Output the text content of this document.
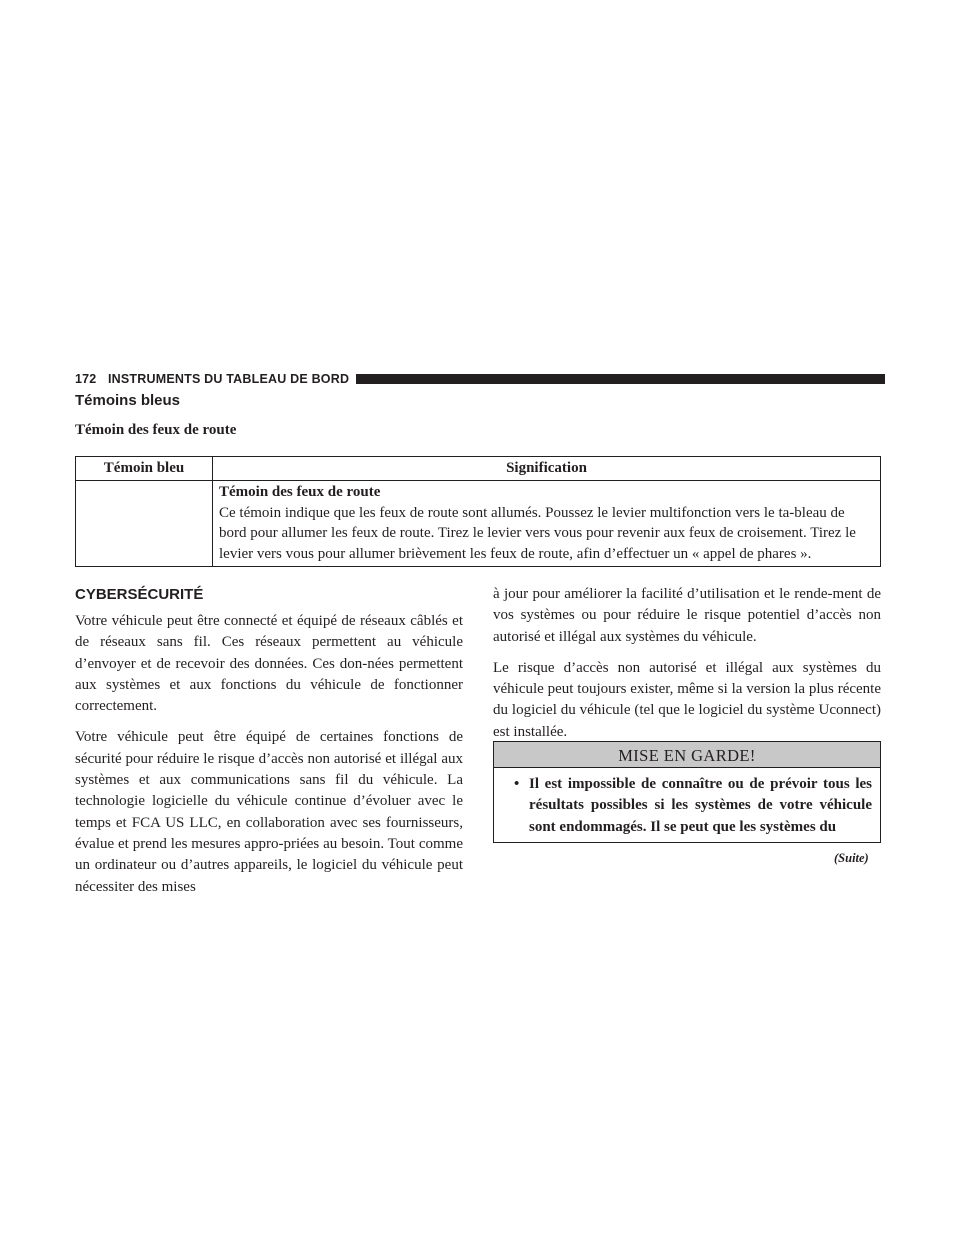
172 INSTRUMENTS DU TABLEAU DE BORD
Témoins bleus
Témoin des feux de route
Témoin bleu	Signification

	Témoin des feux de route
Ce témoin indique que les feux de route sont allumés. Poussez le levier multifonction vers le ta-bleau de bord pour allumer les feux de route. Tirez le levier vers vous pour revenir aux feux de croisement. Tirez le levier vers vous pour allumer brièvement les feux de route, afin d’effectuer un « appel de phares ».
CYBERSÉCURITÉ

Votre véhicule peut être connecté et équipé de réseaux câblés et de réseaux sans fil. Ces réseaux permettent au véhicule d’envoyer et de recevoir des données. Ces don-nées permettent aux systèmes et aux fonctions du véhicule de fonctionner correctement.

Votre véhicule peut être équipé de certaines fonctions de sécurité pour réduire le risque d’accès non autorisé et illégal aux systèmes et aux communications sans fil du véhicule. La technologie logicielle du véhicule continue d’évoluer avec le temps et FCA US LLC, en collaboration avec ses fournisseurs, évalue et prend les mesures appro-priées au besoin. Tout comme un ordinateur ou d’autres appareils, le logiciel du véhicule peut nécessiter des mises

à jour pour améliorer la facilité d’utilisation et le rende-ment de vos systèmes ou pour réduire le risque potentiel d’accès non autorisé et illégal aux systèmes du véhicule.

Le risque d’accès non autorisé et illégal aux systèmes du véhicule peut toujours exister, même si la version la plus récente du logiciel du véhicule (tel que le logiciel du système Uconnect) est installée.

MISE EN GARDE!
• Il est impossible de connaître ou de prévoir tous les résultats possibles si les systèmes de votre véhicule sont endommagés. Il se peut que les systèmes du
(Suite)
